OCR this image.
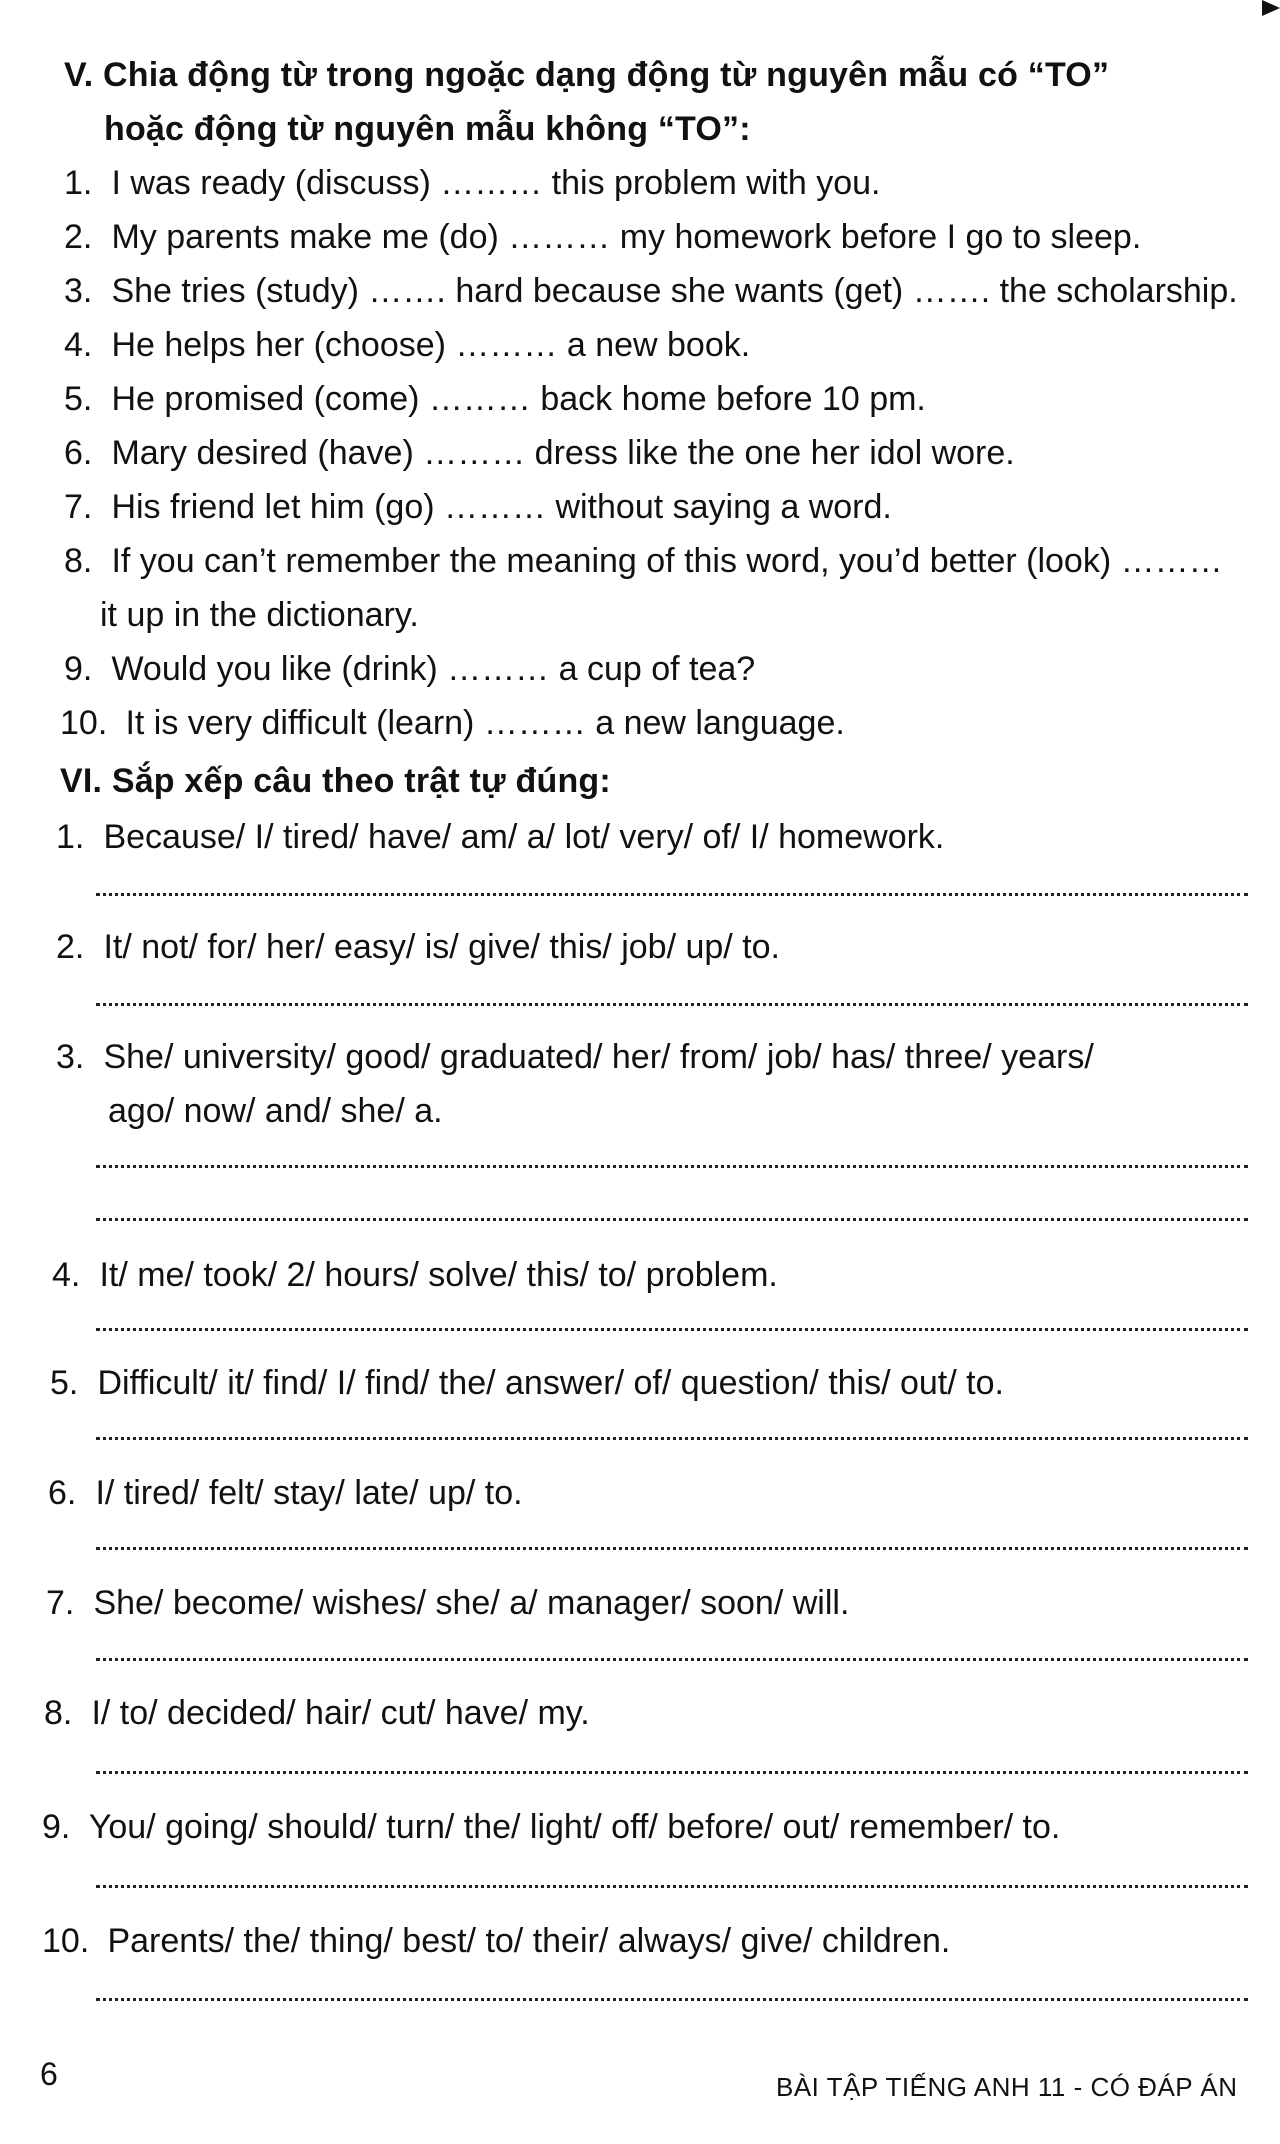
V. Chia động từ trong ngoặc dạng động từ nguyên mẫu có “TO”
hoặc động từ nguyên mẫu không “TO”:
1. I was ready (discuss) ……… this problem with you.
2. My parents make me (do) ……… my homework before I go to sleep.
3. She tries (study) ……. hard because she wants (get) ……. the scholarship.
4. He helps her (choose) ……… a new book.
5. He promised (come) ……… back home before 10 pm.
6. Mary desired (have) ……… dress like the one her idol wore.
7. His friend let him (go) ……… without saying a word.
8. If you can’t remember the meaning of this word, you’d better (look) ………
it up in the dictionary.
9. Would you like (drink) ……… a cup of tea?
10. It is very difficult (learn) ……… a new language.
VI. Sắp xếp câu theo trật tự đúng:
1. Because/ I/ tired/ have/ am/ a/ lot/ very/ of/ I/ homework.
2. It/ not/ for/ her/ easy/ is/ give/ this/ job/ up/ to.
3. She/ university/ good/ graduated/ her/ from/ job/ has/ three/ years/
ago/ now/ and/ she/ a.
4. It/ me/ took/ 2/ hours/ solve/ this/ to/ problem.
5. Difficult/ it/ find/ I/ find/ the/ answer/ of/ question/ this/ out/ to.
6. I/ tired/ felt/ stay/ late/ up/ to.
7. She/ become/ wishes/ she/ a/ manager/ soon/ will.
8. I/ to/ decided/ hair/ cut/ have/ my.
9. You/ going/ should/ turn/ the/ light/ off/ before/ out/ remember/ to.
10. Parents/ the/ thing/ best/ to/ their/ always/ give/ children.
6	BÀI TẬP TIẾNG ANH 11 - CÓ ĐÁP ÁN
